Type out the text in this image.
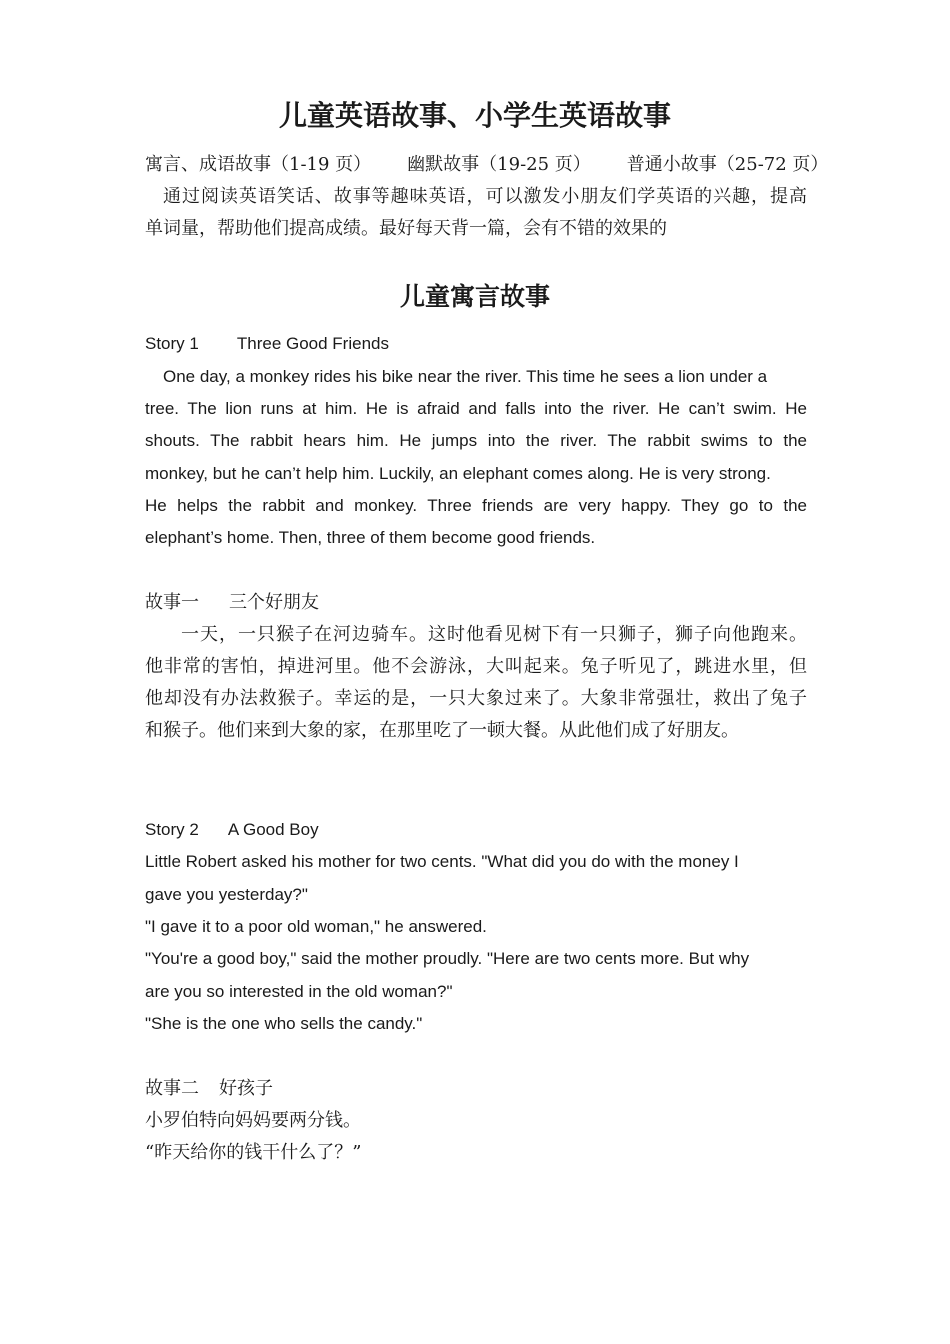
儿童英语故事、小学生英语故事

寓言、成语故事（1-19 页） 幽默故事（19-25 页） 普通小故事（25-72 页）

通过阅读英语笑话、故事等趣味英语，可以激发小朋友们学英语的兴趣，提高

单词量，帮助他们提高成绩。最好每天背一篇，会有不错的效果的

儿童寓言故事

Story 1 Three Good Friends

One day, a monkey rides his bike near the river. This time he sees a lion under a

tree. The lion runs at him. He is afraid and falls into the river. He can’t swim. He

shouts. The rabbit hears him. He jumps into the river. The rabbit swims to the

monkey, but he can’t help him. Luckily, an elephant comes along. He is very strong.

He helps the rabbit and monkey. Three friends are very happy. They go to the

elephant’s home. Then, three of them become good friends.

故事一 三个好朋友

一天，一只猴子在河边骑车。这时他看见树下有一只狮子，狮子向他跑来。

他非常的害怕，掉进河里。他不会游泳，大叫起来。兔子听见了，跳进水里，但

他却没有办法救猴子。幸运的是，一只大象过来了。大象非常强壮，救出了兔子

和猴子。他们来到大象的家，在那里吃了一顿大餐。从此他们成了好朋友。

Story 2 A Good Boy

Little Robert asked his mother for two cents. "What did you do with the money I

gave you yesterday?"

"I gave it to a poor old woman," he answered.

"You're a good boy," said the mother proudly. "Here are two cents more. But why

are you so interested in the old woman?"

"She is the one who sells the candy."

故事二 好孩子

小罗伯特向妈妈要两分钱。

“昨天给你的钱干什么了？”
